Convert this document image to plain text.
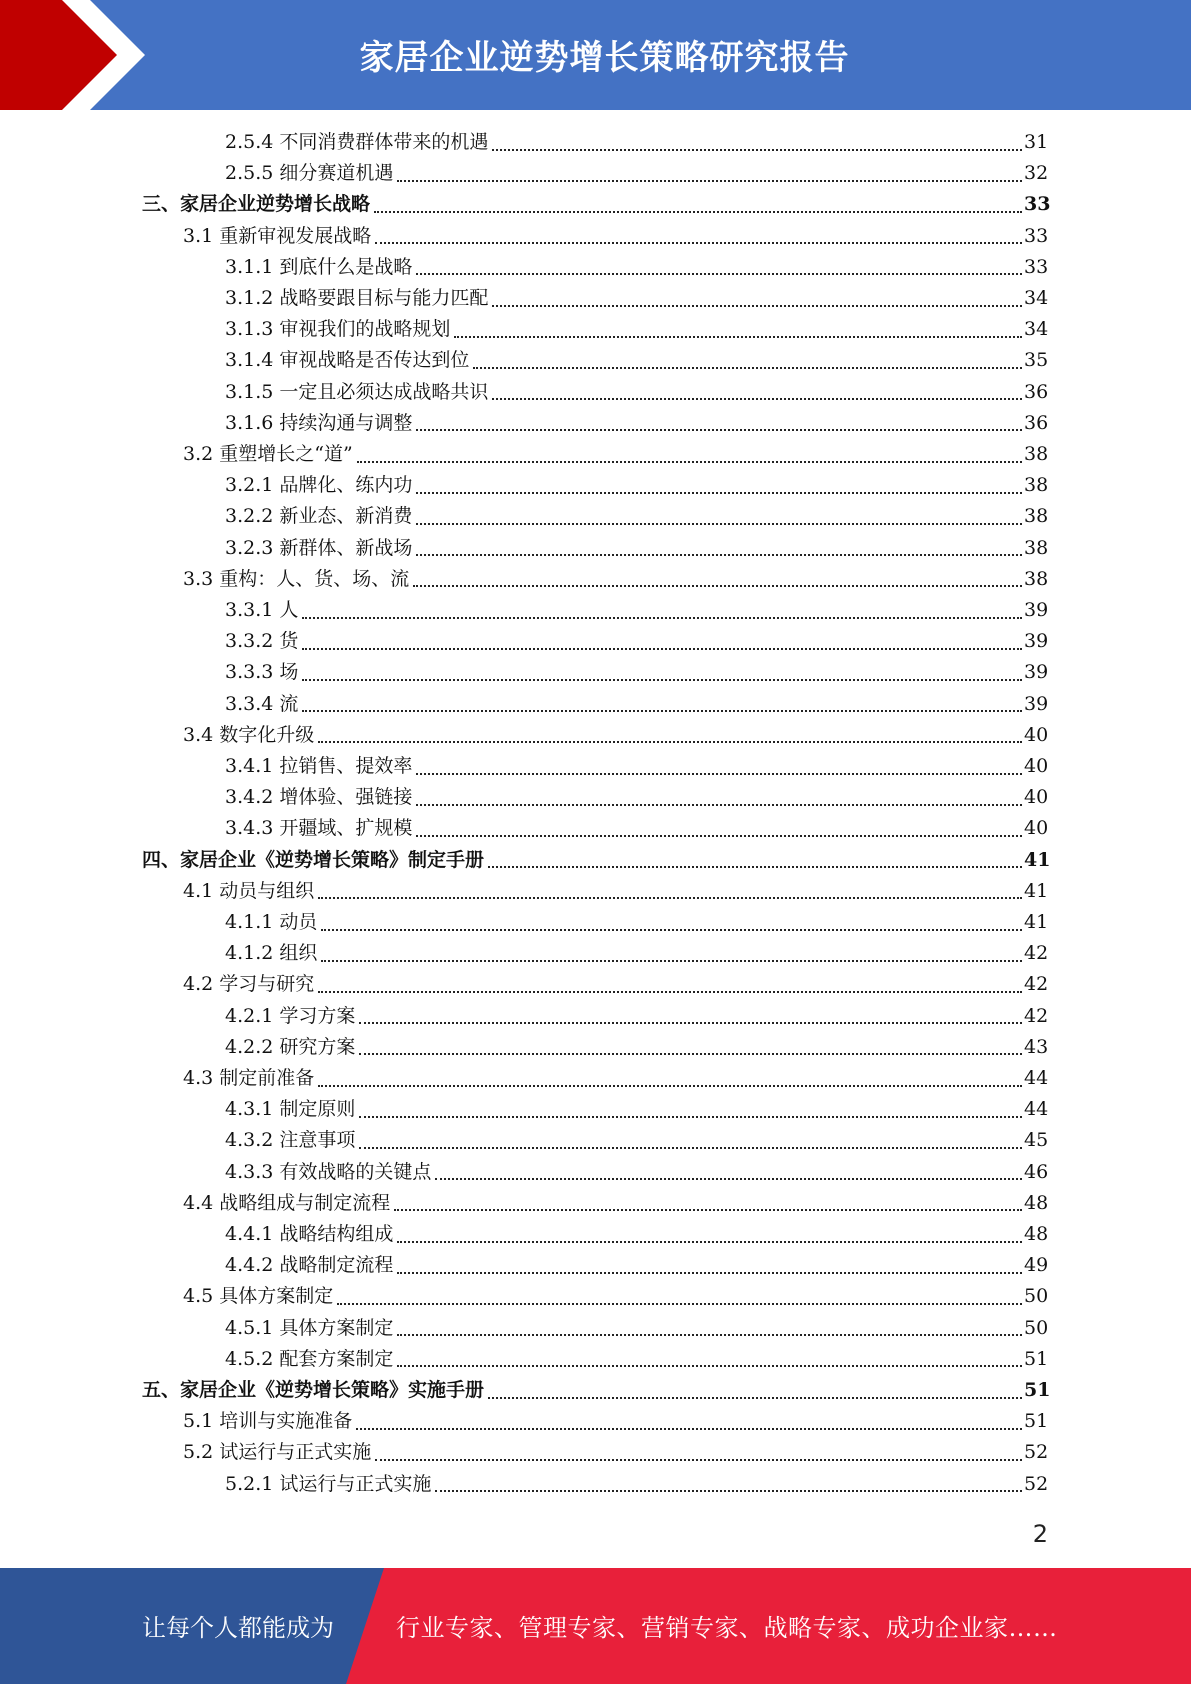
家居企业逆势增长策略研究报告
2.5.4 不同消费群体带来的机遇	31
2.5.5 细分赛道机遇	32
三、家居企业逆势增长战略	33
3.1 重新审视发展战略	33
3.1.1 到底什么是战略	33
3.1.2 战略要跟目标与能力匹配	34
3.1.3 审视我们的战略规划	34
3.1.4 审视战略是否传达到位	35
3.1.5 一定且必须达成战略共识	36
3.1.6 持续沟通与调整	36
3.2 重塑增长之“道”	38
3.2.1 品牌化、练内功	38
3.2.2 新业态、新消费	38
3.2.3 新群体、新战场	38
3.3 重构：人、货、场、流	38
3.3.1 人	39
3.3.2 货	39
3.3.3 场	39
3.3.4 流	39
3.4 数字化升级	40
3.4.1 拉销售、提效率	40
3.4.2 增体验、强链接	40
3.4.3 开疆域、扩规模	40
四、家居企业《逆势增长策略》制定手册	41
4.1 动员与组织	41
4.1.1 动员	41
4.1.2 组织	42
4.2 学习与研究	42
4.2.1 学习方案	42
4.2.2 研究方案	43
4.3 制定前准备	44
4.3.1 制定原则	44
4.3.2 注意事项	45
4.3.3 有效战略的关键点	46
4.4 战略组成与制定流程	48
4.4.1 战略结构组成	48
4.4.2 战略制定流程	49
4.5 具体方案制定	50
4.5.1 具体方案制定	50
4.5.2 配套方案制定	51
五、家居企业《逆势增长策略》实施手册	51
5.1 培训与实施准备	51
5.2 试运行与正式实施	52
5.2.1 试运行与正式实施	52
2
让每个人都能成为	行业专家、管理专家、营销专家、战略专家、成功企业家……
